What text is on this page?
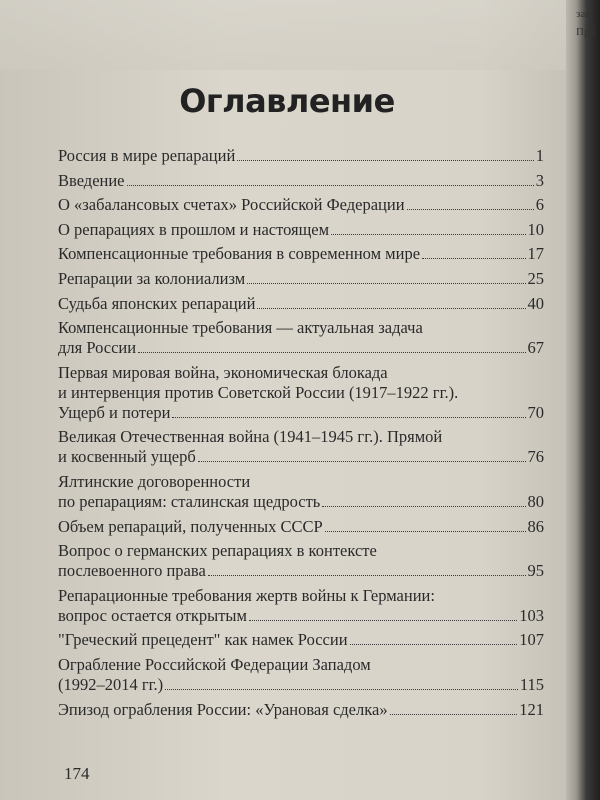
Оглавление
Россия в мире репараций	1
Введение	3
О «забалансовых счетах» Российской Федерации	6
О репарациях в прошлом и настоящем	10
Компенсационные требования в современном мире	17
Репарации за колониализм	25
Судьба японских репараций	40
Компенсационные требования — актуальная задача
для России	67
Первая мировая война, экономическая блокада
и интервенция против Советской России (1917–1922 гг.).
Ущерб и потери	70
Великая Отечественная война (1941–1945 гг.). Прямой
и косвенный ущерб	76
Ялтинские договоренности
по репарациям: сталинская щедрость	80
Объем репараций, полученных СССР	86
Вопрос о германских репарациях в контексте
послевоенного права	95
Репарационные требования жертв войны к Германии:
вопрос остается открытым	103
"Греческий прецедент" как намек России	107
Ограбление Российской Федерации Западом
(1992–2014 гг.)	115
Эпизод ограбления России: «Урановая сделка»	121
174
зак
При
